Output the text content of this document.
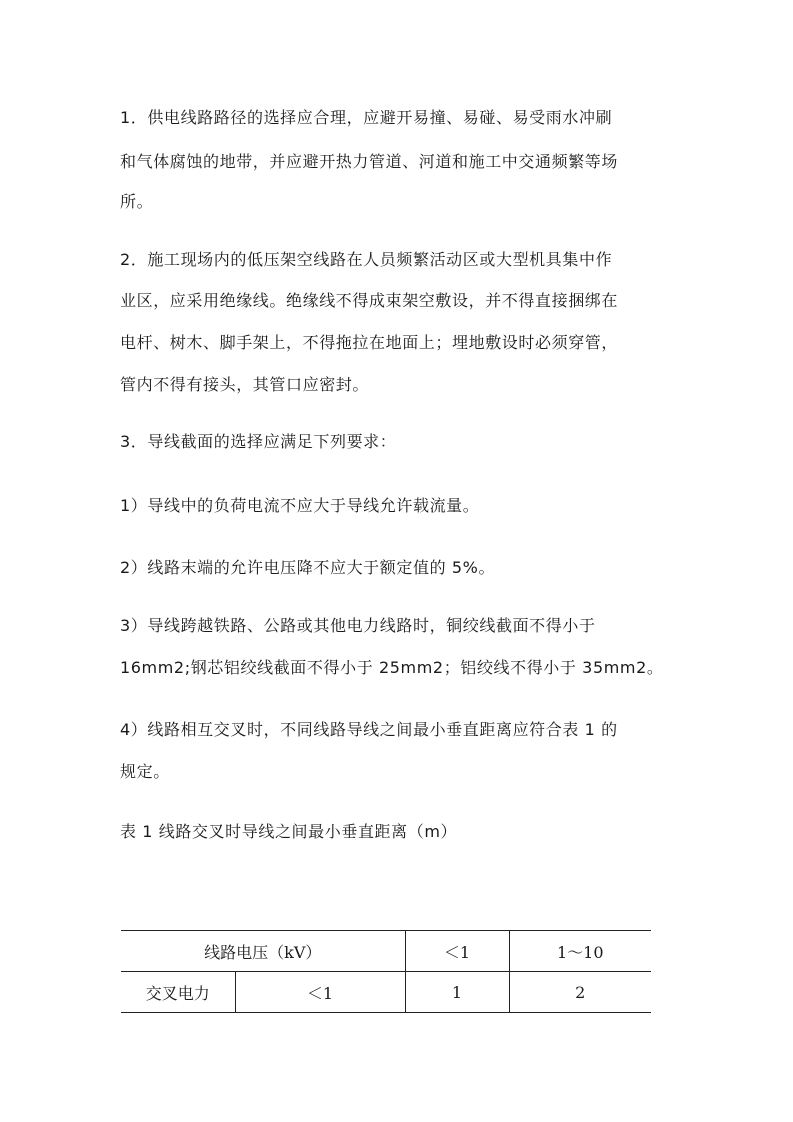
1．供电线路路径的选择应合理，应避开易撞、易碰、易受雨水冲刷
和气体腐蚀的地带，并应避开热力管道、河道和施工中交通频繁等场
所。
2．施工现场内的低压架空线路在人员频繁活动区或大型机具集中作
业区，应采用绝缘线。绝缘线不得成束架空敷设，并不得直接捆绑在
电杆、树木、脚手架上，不得拖拉在地面上；埋地敷设时必须穿管，
管内不得有接头，其管口应密封。
3．导线截面的选择应满足下列要求：
1）导线中的负荷电流不应大于导线允许载流量。
2）线路末端的允许电压降不应大于额定值的 5%。
3）导线跨越铁路、公路或其他电力线路时，铜绞线截面不得小于
16mm2;钢芯铝绞线截面不得小于 25mm2；铝绞线不得小于 35mm2。
4）线路相互交叉时，不同线路导线之间最小垂直距离应符合表 1 的
规定。
表 1 线路交叉时导线之间最小垂直距离（m）
线路电压（kV）		＜1	1～10
交叉电力	＜1	1	2
